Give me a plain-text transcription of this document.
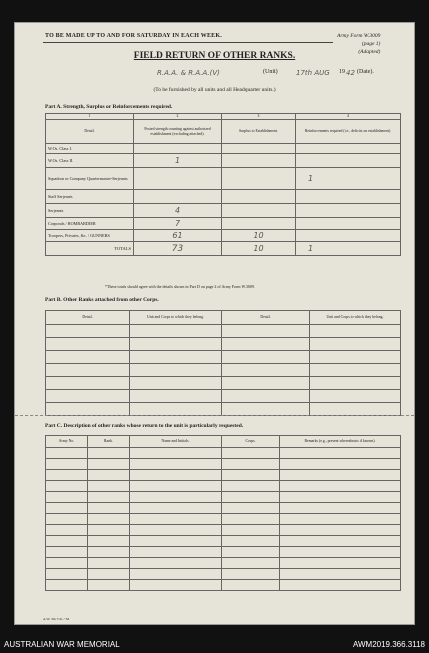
TO BE MADE UP TO AND FOR SATURDAY IN EACH WEEK.	Army Form W.3009
(page 1)
(Adapted)
FIELD RETURN OF OTHER RANKS.
R.A.A. & R.A.A.(V)	(Unit)	17th AUG 19 42 (Date).
(To be furnished by all units and all Headquarter units.)
Part A. Strength, Surplus or Reinforcements required.
1	2	3	4
Detail.	Posted strength counting against authorized establishment (excluding attached).	Surplus to Establishment.	Reinforcements required (i.e., deficits on establishment).
W.Os. Class I.			
W.Os. Class II.	1		
Squadron or Company Quartermaster-Serjeants			1
Staff Serjeants			
Serjeants	4		
Corporals / BOMBARDIER	7		
Troopers, Privates, &c. / GUNNERS	61	10	
TOTALS	73	10	1
*These totals should agree with the details shown in Part D on page 2 of Army Form W.3009.
Part B. Other Ranks attached from other Corps.
Detail.	Unit and Corps to which they belong.	Detail.	Unit and Corps to which they belong.

Part C. Description of other ranks whose return to the unit is particularly requested.
Army No.	Rank.	Name and Initials.	Corps.	Remarks (e.g., present whereabouts if known).

A.W. 3m 7/41 / 'M
AUSTRALIAN WAR MEMORIAL	AWM2019.366.3118
